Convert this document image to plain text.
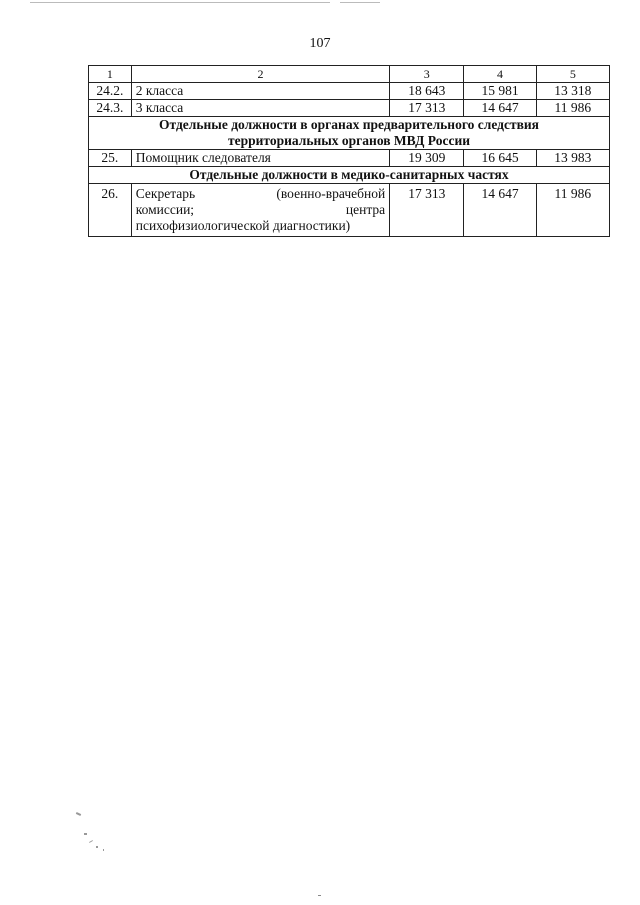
107
1	2	3	4	5
24.2.	2 класса	18 643	15 981	13 318
24.3.	3 класса	17 313	14 647	11 986

Отдельные должности в органах предварительного следствия
территориальных органов МВД России				

25.	Помощник следователя	19 309	16 645	13 983
Отдельные должности в медико-санитарных частях				
26.	Секретарь (военно-врачебной
комиссии; центра
психофизиологической диагностики)	17 313	14 647	11 986
